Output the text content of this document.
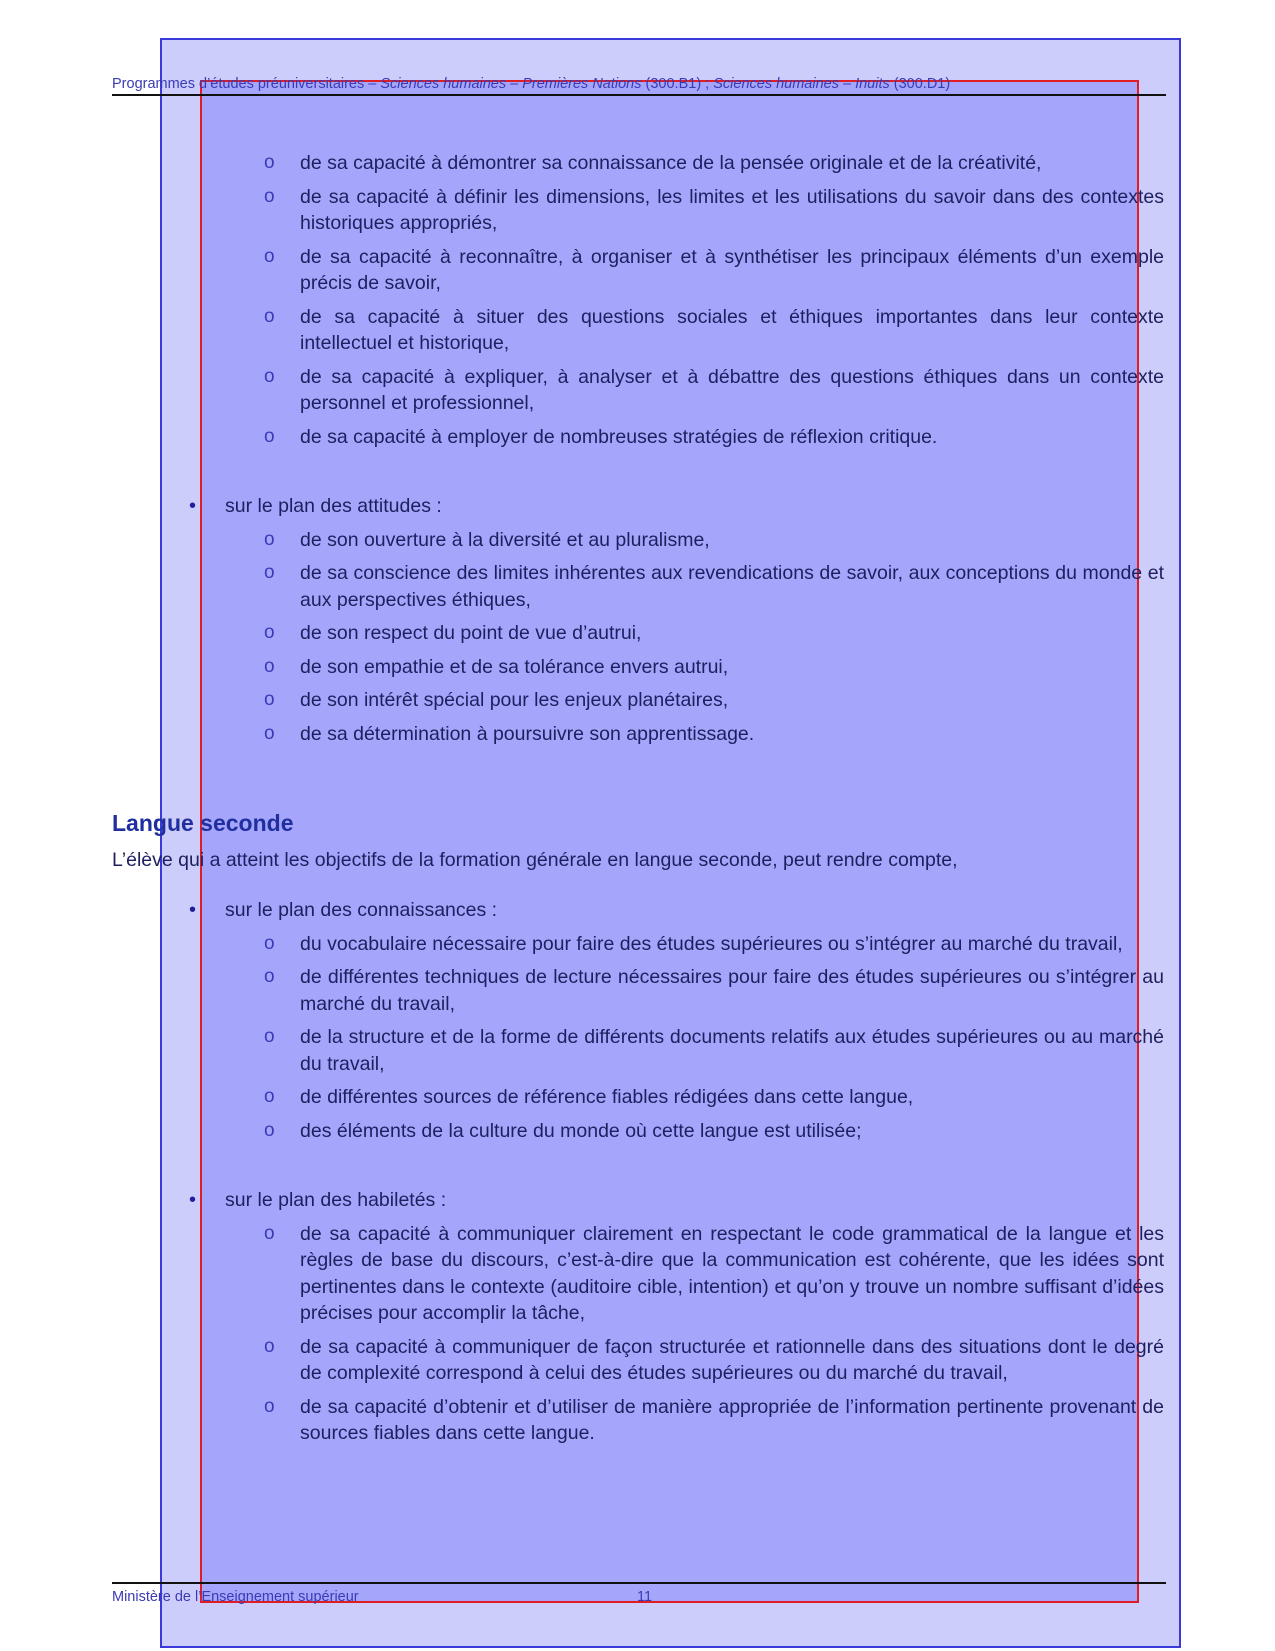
Programmes d’études préuniversitaires – Sciences humaines – Premières Nations (300.B1) ; Sciences humaines – Inuits (300.D1)
o de sa capacité à démontrer sa connaissance de la pensée originale et de la créativité,
o de sa capacité à définir les dimensions, les limites et les utilisations du savoir dans des contextes historiques appropriés,
o de sa capacité à reconnaître, à organiser et à synthétiser les principaux éléments d’un exemple précis de savoir,
o de sa capacité à situer des questions sociales et éthiques importantes dans leur contexte intellectuel et historique,
o de sa capacité à expliquer, à analyser et à débattre des questions éthiques dans un contexte personnel et professionnel,
o de sa capacité à employer de nombreuses stratégies de réflexion critique.
• sur le plan des attitudes :
o de son ouverture à la diversité et au pluralisme,
o de sa conscience des limites inhérentes aux revendications de savoir, aux conceptions du monde et aux perspectives éthiques,
o de son respect du point de vue d’autrui,
o de son empathie et de sa tolérance envers autrui,
o de son intérêt spécial pour les enjeux planétaires,
o de sa détermination à poursuivre son apprentissage.
Langue seconde
L’élève qui a atteint les objectifs de la formation générale en langue seconde, peut rendre compte,
• sur le plan des connaissances :
o du vocabulaire nécessaire pour faire des études supérieures ou s’intégrer au marché du travail,
o de différentes techniques de lecture nécessaires pour faire des études supérieures ou s’intégrer au marché du travail,
o de la structure et de la forme de différents documents relatifs aux études supérieures ou au marché du travail,
o de différentes sources de référence fiables rédigées dans cette langue,
o des éléments de la culture du monde où cette langue est utilisée;
• sur le plan des habiletés :
o de sa capacité à communiquer clairement en respectant le code grammatical de la langue et les règles de base du discours, c’est-à-dire que la communication est cohérente, que les idées sont pertinentes dans le contexte (auditoire cible, intention) et qu’on y trouve un nombre suffisant d’idées précises pour accomplir la tâche,
o de sa capacité à communiquer de façon structurée et rationnelle dans des situations dont le degré de complexité correspond à celui des études supérieures ou du marché du travail,
o de sa capacité d’obtenir et d’utiliser de manière appropriée de l’information pertinente provenant de sources fiables dans cette langue.
Ministère de l’Enseignement supérieur	11
